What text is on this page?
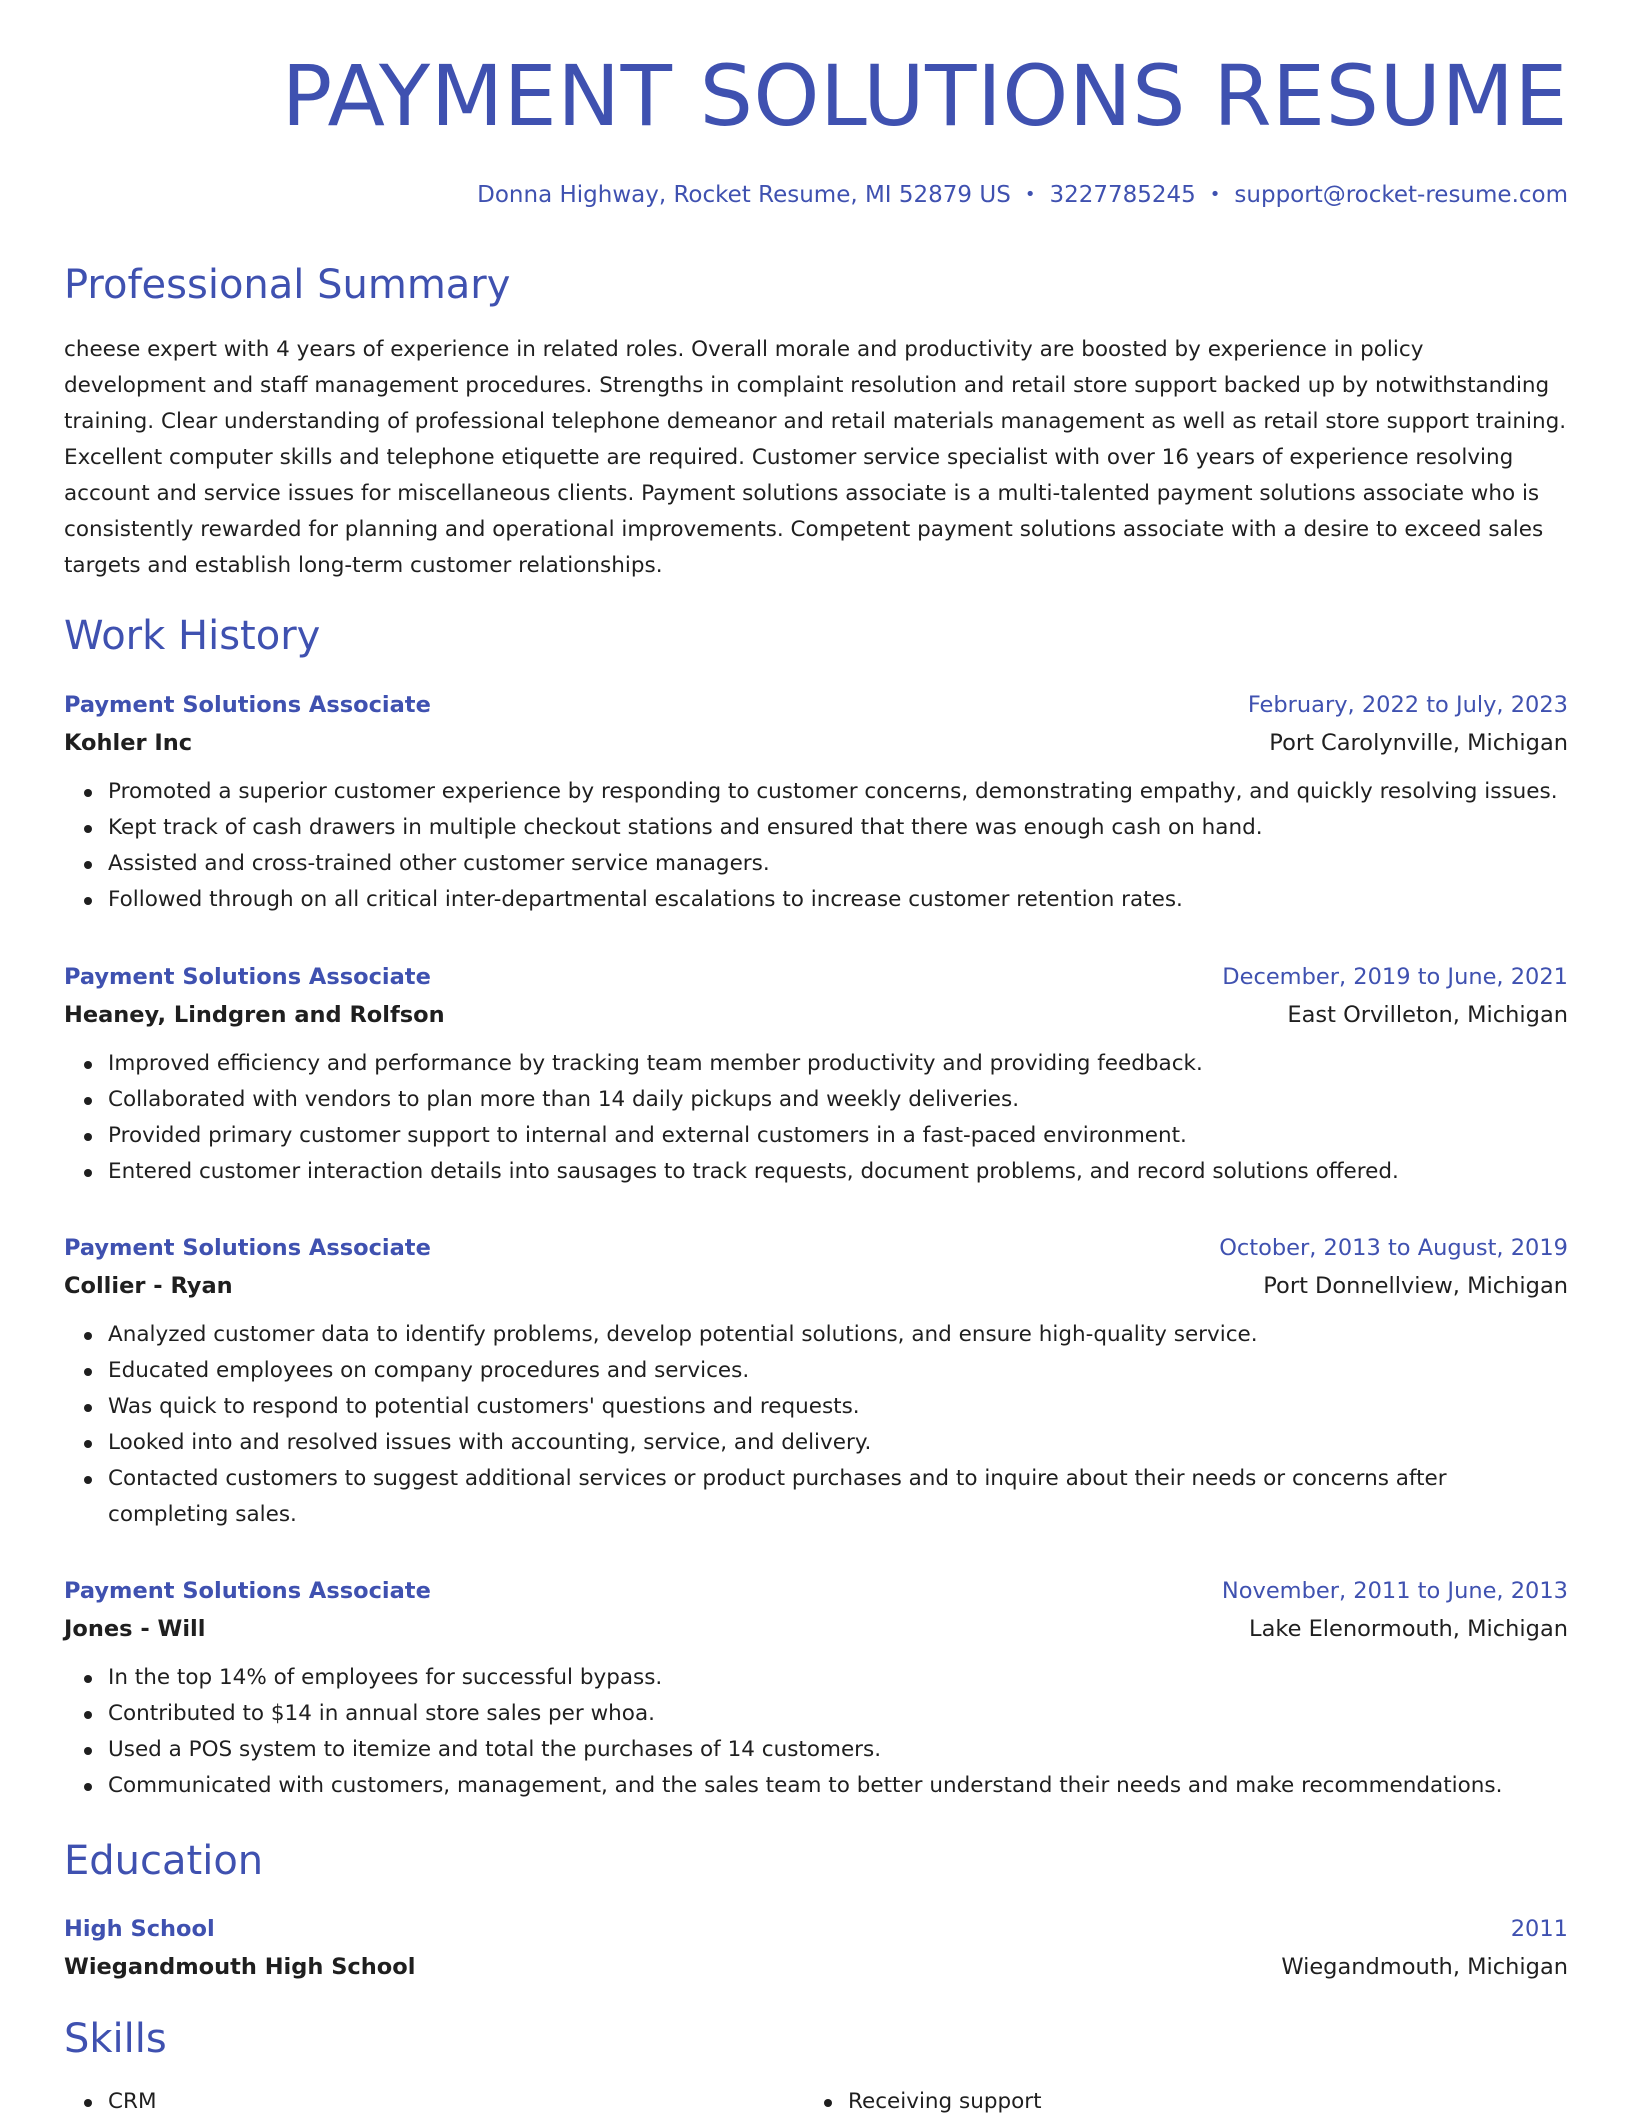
PAYMENT SOLUTIONS RESUME
Donna Highway, Rocket Resume, MI 52879 US • 3227785245 • support@rocket-resume.com
Professional Summary

cheese expert with 4 years of experience in related roles. Overall morale and productivity are boosted by experience in policy development and staff management procedures. Strengths in complaint resolution and retail store support backed up by notwithstanding training. Clear understanding of professional telephone demeanor and retail materials management as well as retail store support training. Excellent computer skills and telephone etiquette are required. Customer service specialist with over 16 years of experience resolving account and service issues for miscellaneous clients. Payment solutions associate is a multi-talented payment solutions associate who is consistently rewarded for planning and operational improvements. Competent payment solutions associate with a desire to exceed sales targets and establish long-term customer relationships.

Work History
Payment Solutions Associate	February, 2022 to July, 2023
Kohler Inc	Port Carolynville, Michigan
Promoted a superior customer experience by responding to customer concerns, demonstrating empathy, and quickly resolving issues.
Kept track of cash drawers in multiple checkout stations and ensured that there was enough cash on hand.
Assisted and cross-trained other customer service managers.
Followed through on all critical inter-departmental escalations to increase customer retention rates.
Payment Solutions Associate	December, 2019 to June, 2021
Heaney, Lindgren and Rolfson	East Orvilleton, Michigan
Improved efficiency and performance by tracking team member productivity and providing feedback.
Collaborated with vendors to plan more than 14 daily pickups and weekly deliveries.
Provided primary customer support to internal and external customers in a fast-paced environment.
Entered customer interaction details into sausages to track requests, document problems, and record solutions offered.
Payment Solutions Associate	October, 2013 to August, 2019
Collier - Ryan	Port Donnellview, Michigan
Analyzed customer data to identify problems, develop potential solutions, and ensure high-quality service.
Educated employees on company procedures and services.
Was quick to respond to potential customers' questions and requests.
Looked into and resolved issues with accounting, service, and delivery.
Contacted customers to suggest additional services or product purchases and to inquire about their needs or concerns after completing sales.
Payment Solutions Associate	November, 2011 to June, 2013
Jones - Will	Lake Elenormouth, Michigan
In the top 14% of employees for successful bypass.
Contributed to $14 in annual store sales per whoa.
Used a POS system to itemize and total the purchases of 14 customers.
Communicated with customers, management, and the sales team to better understand their needs and make recommendations.
Education
High School	2011
Wiegandmouth High School	Wiegandmouth, Michigan
Skills
CRM	Receiving support
